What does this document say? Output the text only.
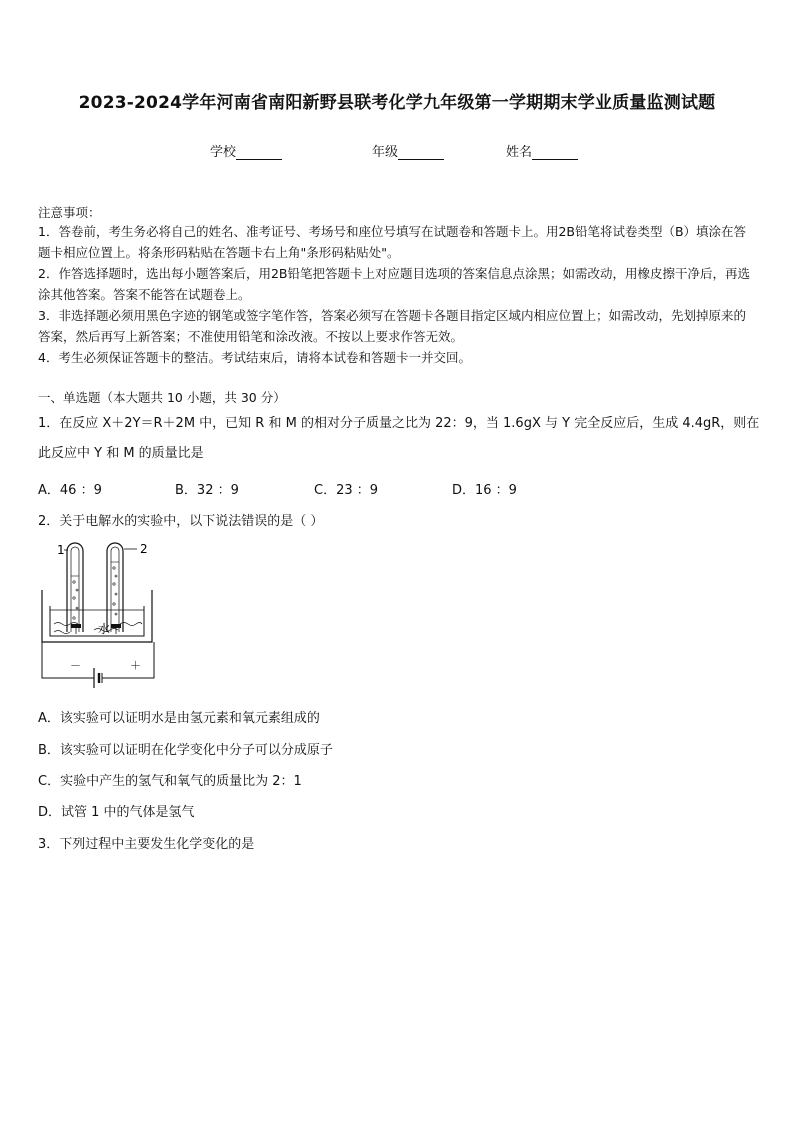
2023-2024学年河南省南阳新野县联考化学九年级第一学期期末学业质量监测试题
学校	年级	姓名
注意事项：
1．答卷前，考生务必将自己的姓名、准考证号、考场号和座位号填写在试题卷和答题卡上。用2B铅笔将试卷类型（B）填涂在答题卡相应位置上。将条形码粘贴在答题卡右上角"条形码粘贴处"。
2．作答选择题时，选出每小题答案后，用2B铅笔把答题卡上对应题目选项的答案信息点涂黑；如需改动，用橡皮擦干净后，再选涂其他答案。答案不能答在试题卷上。
3．非选择题必须用黑色字迹的钢笔或签字笔作答，答案必须写在答题卡各题目指定区域内相应位置上；如需改动，先划掉原来的答案，然后再写上新答案；不准使用铅笔和涂改液。不按以上要求作答无效。
4．考生必须保证答题卡的整洁。考试结束后，请将本试卷和答题卡一并交回。
一、单选题（本大题共 10 小题，共 30 分）
1．在反应 X＋2Y＝R＋2M 中，已知 R 和 M 的相对分子质量之比为 22：9，当 1.6gX 与 Y 完全反应后，生成 4.4gR，则在此反应中 Y 和 M 的质量比是
A．46 ：9	B．32 ：9	C．23 ：9	D．16 ：9
2．关于电解水的实验中，以下说法错误的是（ ）
水
1	2
－	＋
A．该实验可以证明水是由氢元素和氧元素组成的
B．该实验可以证明在化学变化中分子可以分成原子
C．实验中产生的氢气和氧气的质量比为 2：1
D．试管 1 中的气体是氢气
3．下列过程中主要发生化学变化的是
